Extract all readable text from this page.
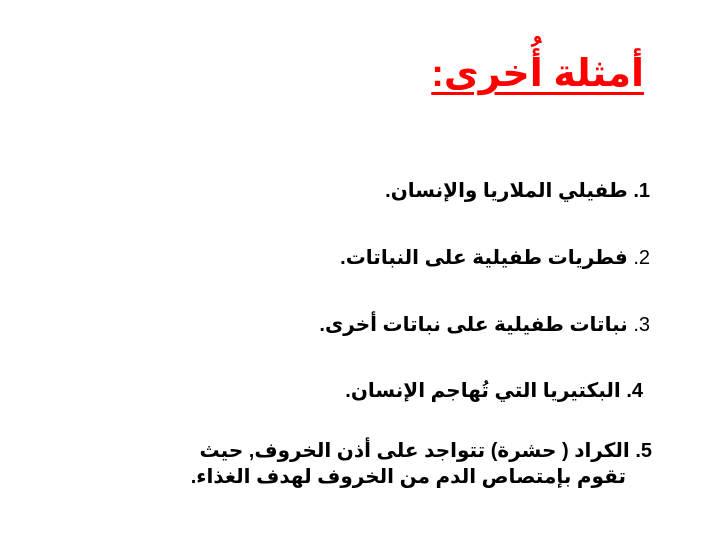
أمثلة أُخرى:
1. طفيلي الملاريا والإنسان.
2. فطريات طفيلية على النباتات.
3. نباتات طفيلية على نباتات أخرى.
4. البكتيريا التي تُهاجم الإنسان.
5. الكراد ( حشرة) تتواجد على أذن الخروف, حيث
تقوم بإمتصاص الدم من الخروف لهدف الغذاء.
